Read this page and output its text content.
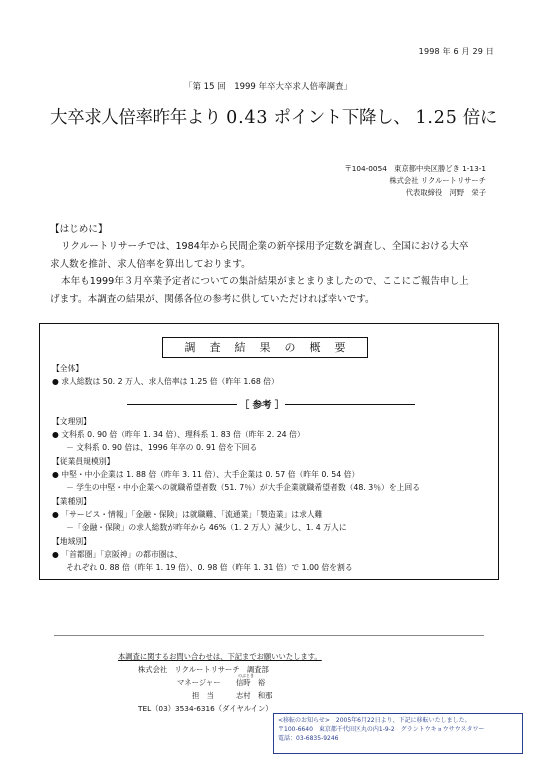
1998 年 6 月 29 日
「第 15 回　1999 年卒大卒求人倍率調査」
大卒求人倍率昨年より 0.43 ポイント下降し、 1.25 倍に
〒104-0054　東京都中央区勝どき 1-13-1
株式会社 リクルートリサーチ
代表取締役　河野　栄子

【はじめに】

リクルートリサーチでは、1984年から民間企業の新卒採用予定数を調査し、全国における大卒

求人数を推計、求人倍率を算出しております。

本年も1999年３月卒業予定者についての集計結果がまとまりましたので、ここにご報告申し上

げます。本調査の結果が、関係各位の参考に供していただければ幸いです。

調査結果の概要
【全体】
● 求人総数は 50. 2 万人、求人倍率は 1.25 倍（昨年 1.68 倍）
［ 参考 ］
【文理別】
● 文科系 0. 90 倍（昨年 1. 34 倍）、理科系 1. 83 倍（昨年 2. 24 倍）
－ 文科系 0. 90 倍は、1996 年卒の 0. 91 倍を下回る
【従業員規模別】
● 中堅・中小企業は 1. 88 倍（昨年 3. 11 倍）、大手企業は 0. 57 倍（昨年 0. 54 倍）
－ 学生の中堅・中小企業への就職希望者数（51. 7％）が大手企業就職希望者数（48. 3％）を上回る
【業種別】
● 「サービス・情報」「金融・保険」は就職難、「流通業」「製造業」は求人難
－「金融・保険」の求人総数が昨年から 46%（1. 2 万人）減少し、1. 4 万人に
【地域別】
● 「首都圏」「京阪神」の都市圏は、
それぞれ 0. 88 倍（昨年 1. 19 倍）、0. 98 倍（昨年 1. 31 倍）で 1.00 倍を割る
本調査に関するお問い合わせは、下記までお願いいたします。
株式会社　リクルートリサーチ　調査部
マネージャー
のぶとき
信時　裕
担　当	志村　和那
TEL（03）3534-6316（ダイヤルイン）
<移転のお知らせ>　2005年6月22日より、下記に移転いたしました。
〒100-6640　東京都千代田区丸の内1-9-2　グラントウキョウサウスタワー
電話：03-6835-9246
